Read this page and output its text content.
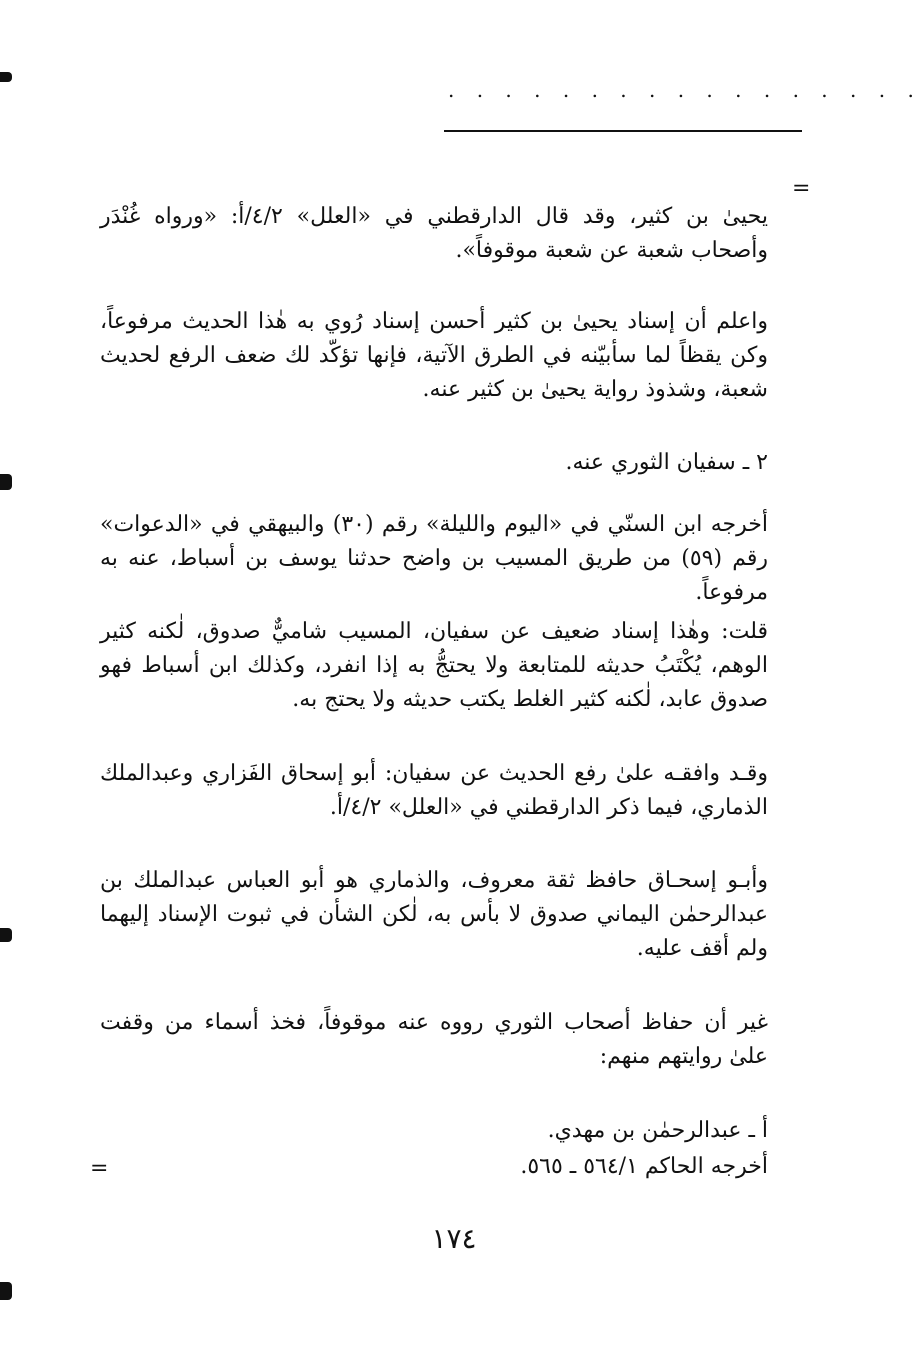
. . . . . . . . . . . . . . . . .
=

يحيىٰ بن كثير، وقد قال الدارقطني في «العلل» ٤/٢/أ: «ورواه غُنْدَر وأصحاب شعبة عن شعبة موقوفاً».

واعلم أن إسناد يحيىٰ بن كثير أحسن إسناد رُوي به هٰذا الحديث مرفوعاً، وكن يقظاً لما سأبيّنه في الطرق الآتية، فإنها تؤكّد لك ضعف الرفع لحديث شعبة، وشذوذ رواية يحيىٰ بن كثير عنه.

٢ ـ سفيان الثوري عنه.

أخرجه ابن السنّي في «اليوم والليلة» رقم (٣٠) والبيهقي في «الدعوات» رقم (٥٩) من طريق المسيب بن واضح حدثنا يوسف بن أسباط، عنه به مرفوعاً.

قلت: وهٰذا إسناد ضعيف عن سفيان، المسيب شاميٌّ صدوق، لٰكنه كثير الوهم، يُكْتَبُ حديثه للمتابعة ولا يحتجُّ به إذا انفرد، وكذلك ابن أسباط فهو صدوق عابد، لٰكنه كثير الغلط يكتب حديثه ولا يحتج به.

وقـد وافقـه علىٰ رفع الحديث عن سفيان: أبو إسحاق الفَزاري وعبدالملك الذماري، فيما ذكر الدارقطني في «العلل» ٤/٢/أ.

وأبـو إسحـاق حافظ ثقة معروف، والذماري هو أبو العباس عبدالملك بن عبدالرحمٰن اليماني صدوق لا بأس به، لٰكن الشأن في ثبوت الإسناد إليهما ولم أقف عليه.

غير أن حفاظ أصحاب الثوري رووه عنه موقوفاً، فخذ أسماء من وقفت علىٰ روايتهم منهم:

أ ـ عبدالرحمٰن بن مهدي.

أخرجه الحاكم ٥٦٤/١ ـ ٥٦٥.

=
١٧٤
